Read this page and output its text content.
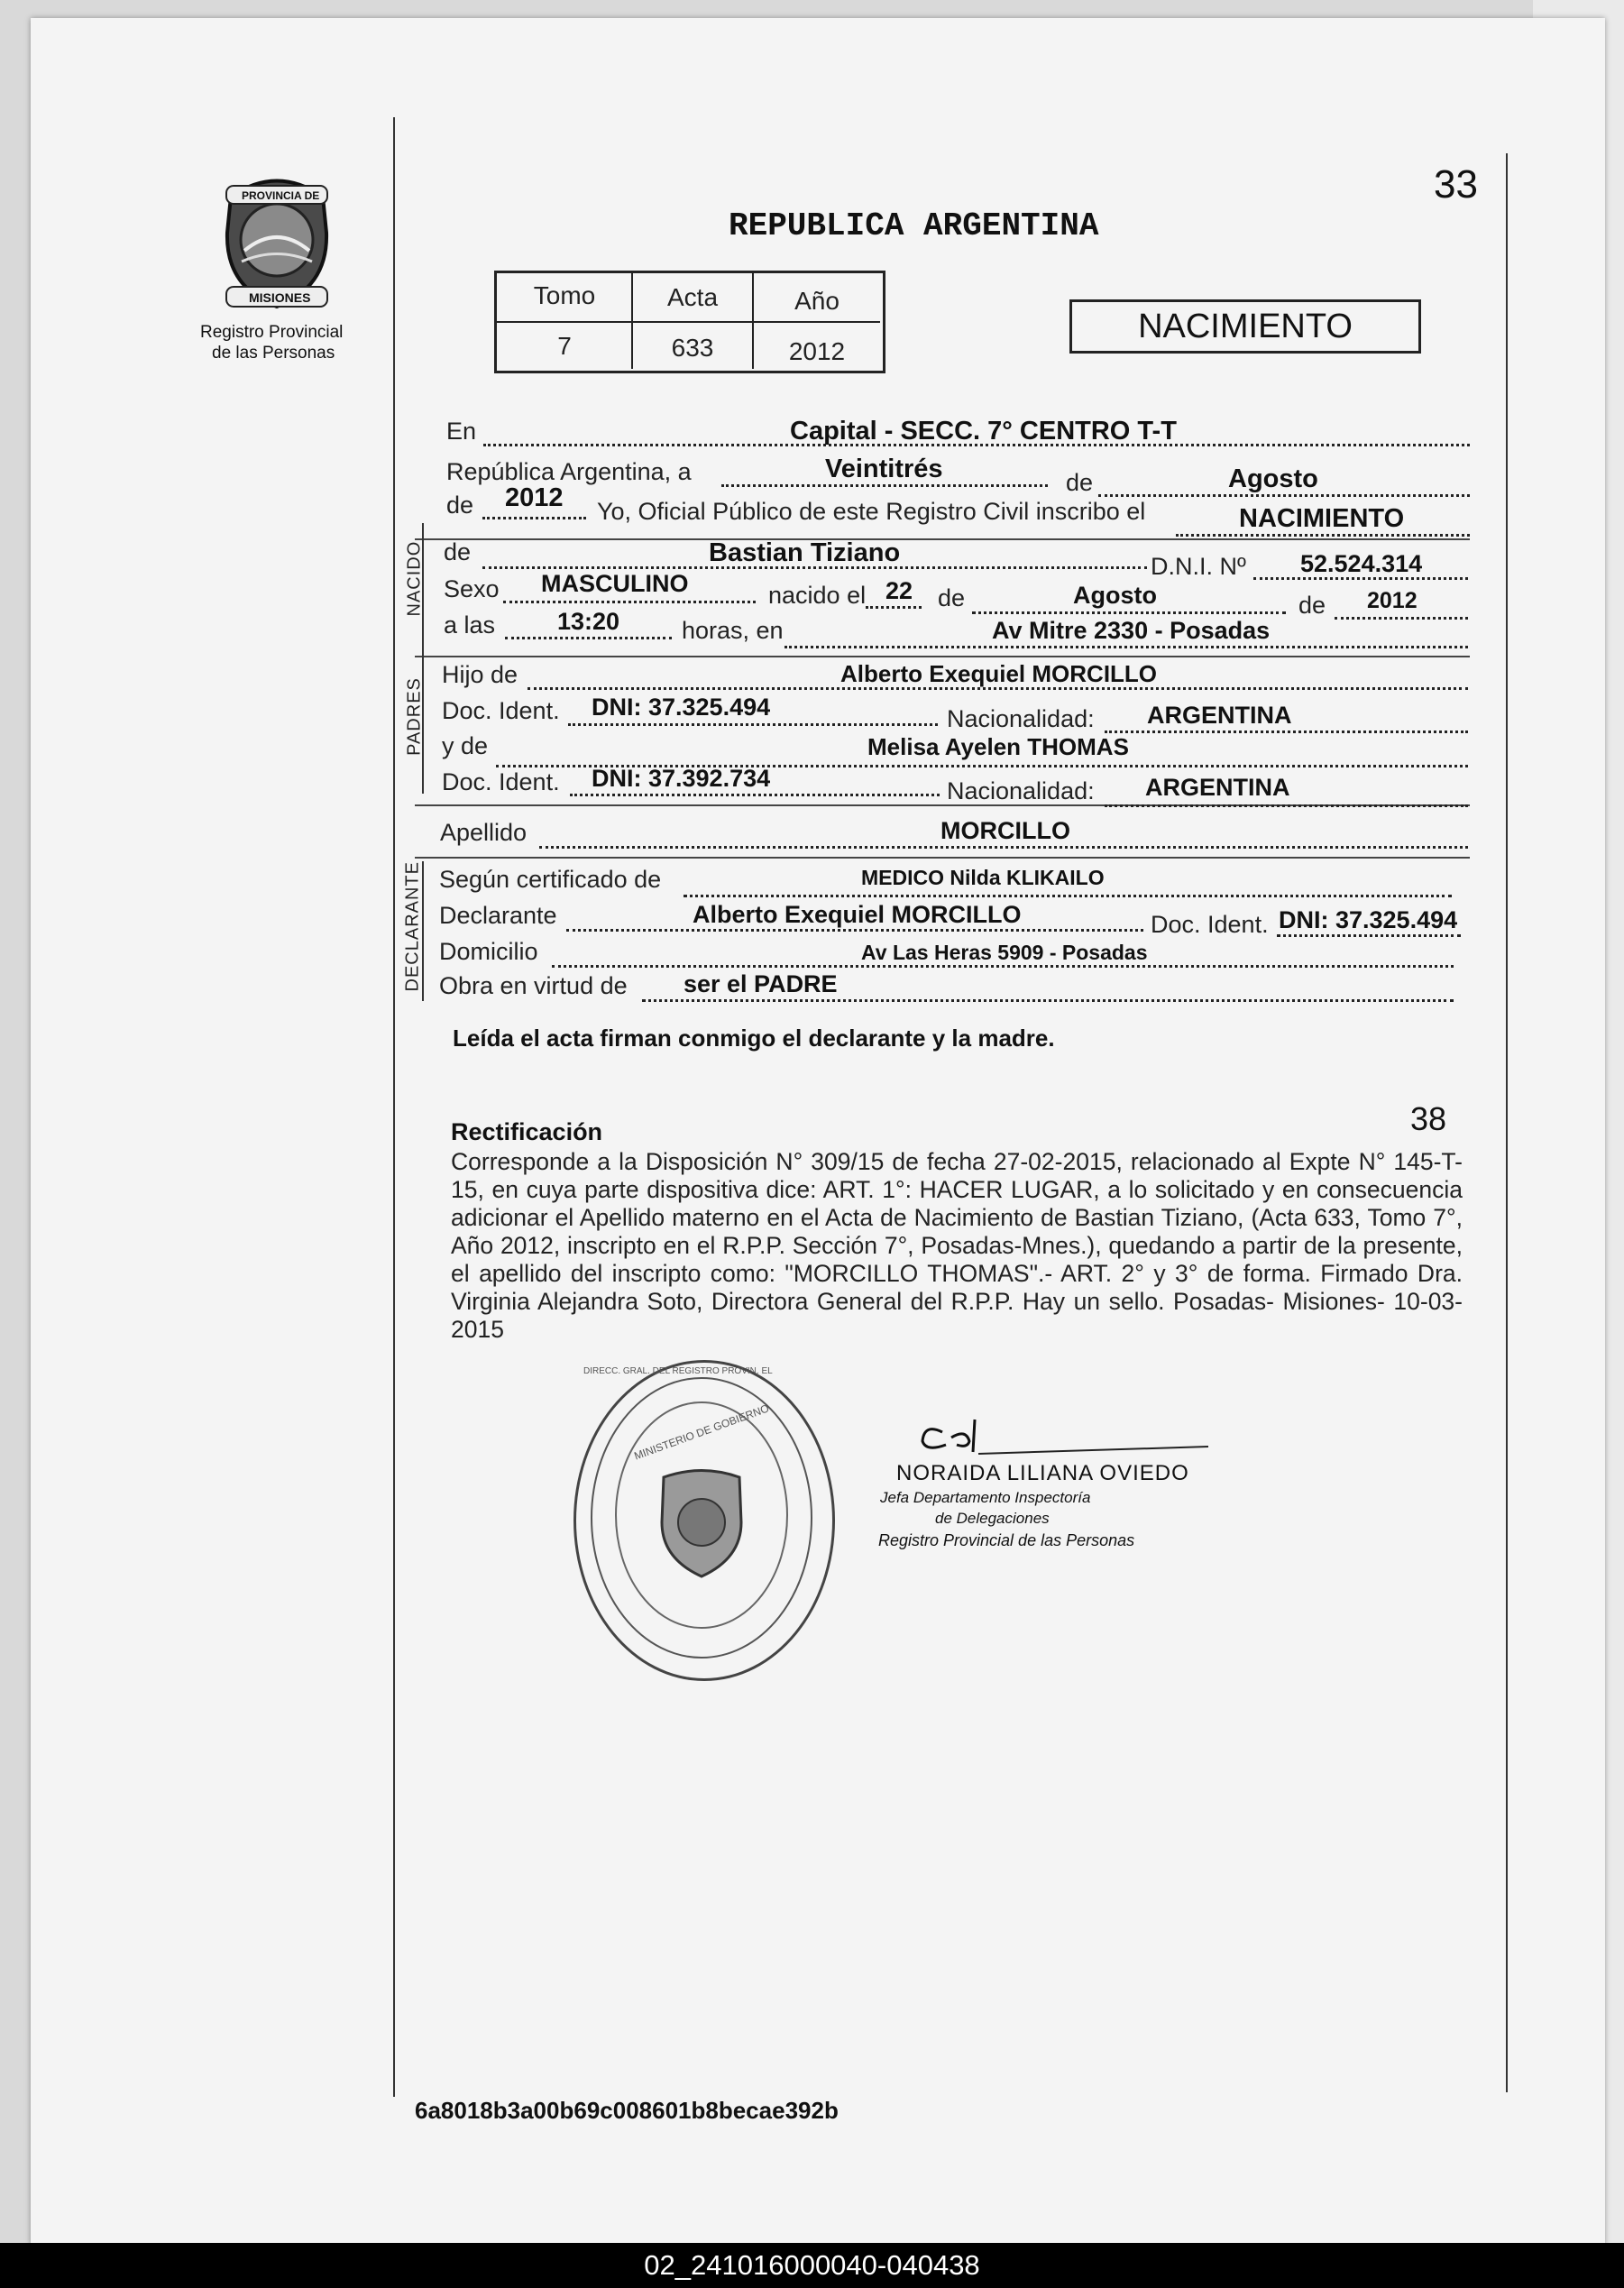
PROVINCIA DE
MISIONES
Registro Provincial
de las Personas
REPUBLICA ARGENTINA
33
NACIMIENTO
Tomo	Acta	Año
7	633	2012
NACIDO
PADRES
DECLARANTE
En	Capital - SECC. 7° CENTRO T-T
República Argentina, a	Veintitrés	de	Agosto
de 2012 Yo, Oficial Público de este Registro Civil inscribo el	NACIMIENTO
de	Bastian Tiziano	D.N.I. Nº 52.524.314
Sexo MASCULINO	nacido el 22 de	Agosto	de 2012
a las	13:20	horas, en	Av Mitre 2330 - Posadas
Hijo de	Alberto Exequiel MORCILLO
Doc. Ident. DNI: 37.325.494	Nacionalidad: ARGENTINA
y de	Melisa Ayelen THOMAS
Doc. Ident. DNI: 37.392.734	Nacionalidad: ARGENTINA
Apellido	MORCILLO
Según certificado de	MEDICO Nilda KLIKAILO
Declarante	Alberto Exequiel MORCILLO	Doc. Ident. DNI: 37.325.494
Domicilio	Av Las Heras 5909 - Posadas
Obra en virtud de ser el PADRE
Leída el acta firman conmigo el declarante y la madre.
Rectificación	38
Corresponde a la Disposición N° 309/15 de fecha 27-02-2015, relacionado al Expte N° 145-T-15, en cuya parte dispositiva dice: ART. 1°: HACER LUGAR, a lo solicitado y en consecuencia adicionar el Apellido materno en el Acta de Nacimiento de Bastian Tiziano, (Acta 633, Tomo 7°, Año 2012, inscripto en el R.P.P. Sección 7°, Posadas-Mnes.), quedando a partir de la presente, el apellido del inscripto como: "MORCILLO THOMAS".- ART. 2° y 3° de forma. Firmado Dra. Virginia Alejandra Soto, Directora General del R.P.P. Hay un sello. Posadas- Misiones- 10-03-2015
DIRECC. GRAL. DEL REGISTRO PROVIN. EL
MINISTERIO DE GOBIERNO
NORAIDA LILIANA OVIEDO
Jefa Departamento Inspectoría
de Delegaciones
Registro Provincial de las Personas
6a8018b3a00b69c008601b8becae392b
02_241016000040-040438
